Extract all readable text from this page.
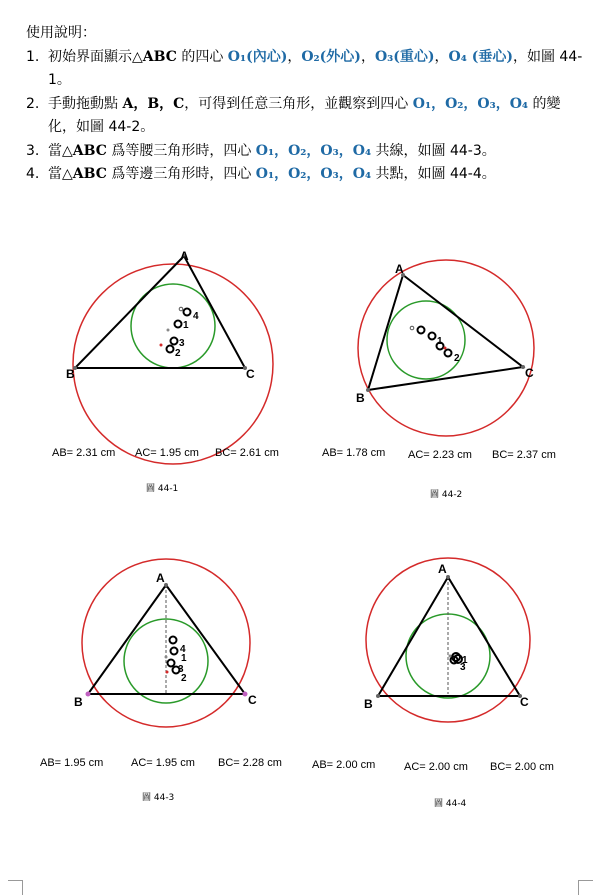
使用說明：

1. 初始界面顯示△ABC 的四心 O₁(內心)，O₂(外心)，O₃(重心)，O₄ (垂心)，如圖 44-1。
2. 手動拖動點 A，B，C，可得到任意三角形，並觀察到四心 O₁，O₂，O₃，O₄ 的變化，如圖 44-2。
3. 當△ABC 爲等腰三角形時，四心 O₁，O₂，O₃，O₄ 共線，如圖 44-3。
4. 當△ABC 爲等邊三角形時，四心 O₁，O₂，O₃，O₄ 共點，如圖 44-4。
A
B	C
4
1
3
2
AB= 2.31 cm AC= 1.95 cm BC= 2.61 cm
圖 44-1
A
B
C
1
2
AB= 1.78 cm AC= 2.23 cm BC= 2.37 cm
圖 44-2
A
B	C
4
1
3
2
AB= 1.95 cm	AC= 1.95 cm BC= 2.28 cm
圖 44-3
A
B	C
1
3
AB= 2.00 cm	AC= 2.00 cm BC= 2.00 cm
圖 44-4
